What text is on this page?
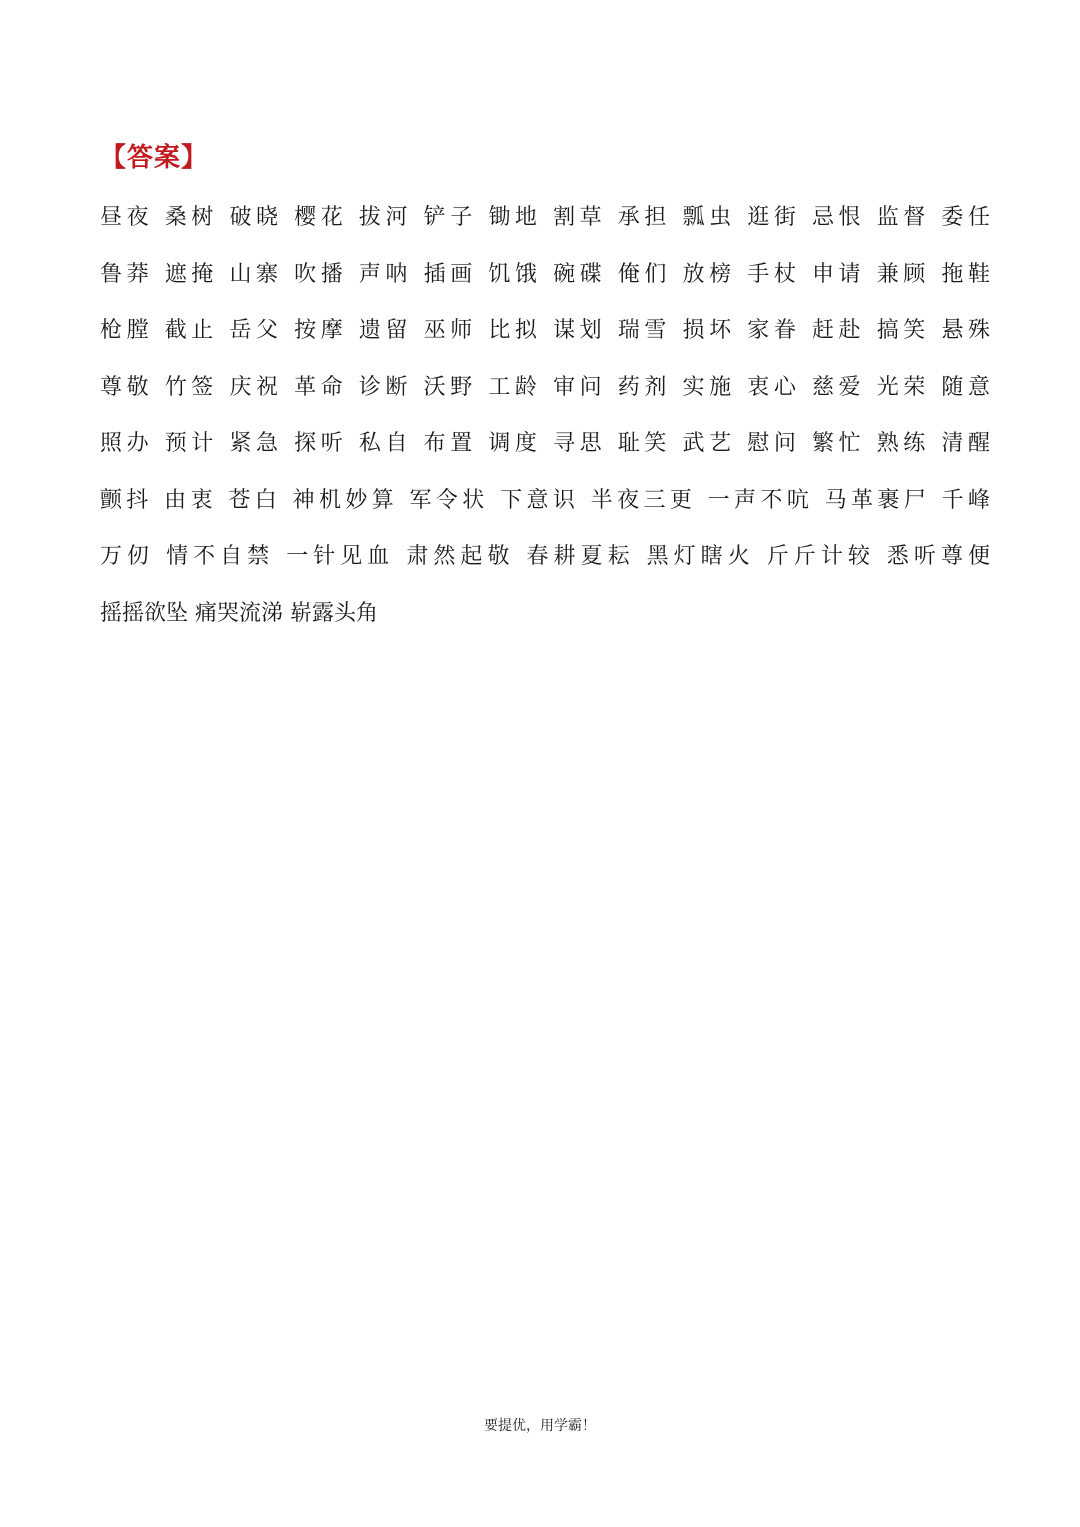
【答案】
昼夜 桑树 破晓 樱花 拔河 铲子 锄地 割草 承担 瓢虫 逛街 忌恨 监督 委任
鲁莽 遮掩 山寨 吹播 声呐 插画 饥饿 碗碟 俺们 放榜 手杖 申请 兼顾 拖鞋
枪膛 截止 岳父 按摩 遗留 巫师 比拟 谋划 瑞雪 损坏 家眷 赶赴 搞笑 悬殊
尊敬 竹签 庆祝 革命 诊断 沃野 工龄 审问 药剂 实施 衷心 慈爱 光荣 随意
照办 预计 紧急 探听 私自 布置 调度 寻思 耻笑 武艺 慰问 繁忙 熟练 清醒
颤抖 由衷 苍白 神机妙算 军令状 下意识 半夜三更 一声不吭 马革裹尸 千峰
万仞 情不自禁 一针见血 肃然起敬 春耕夏耘 黑灯瞎火 斤斤计较 悉听尊便
摇摇欲坠 痛哭流涕 崭露头角
要提优，用学霸！
